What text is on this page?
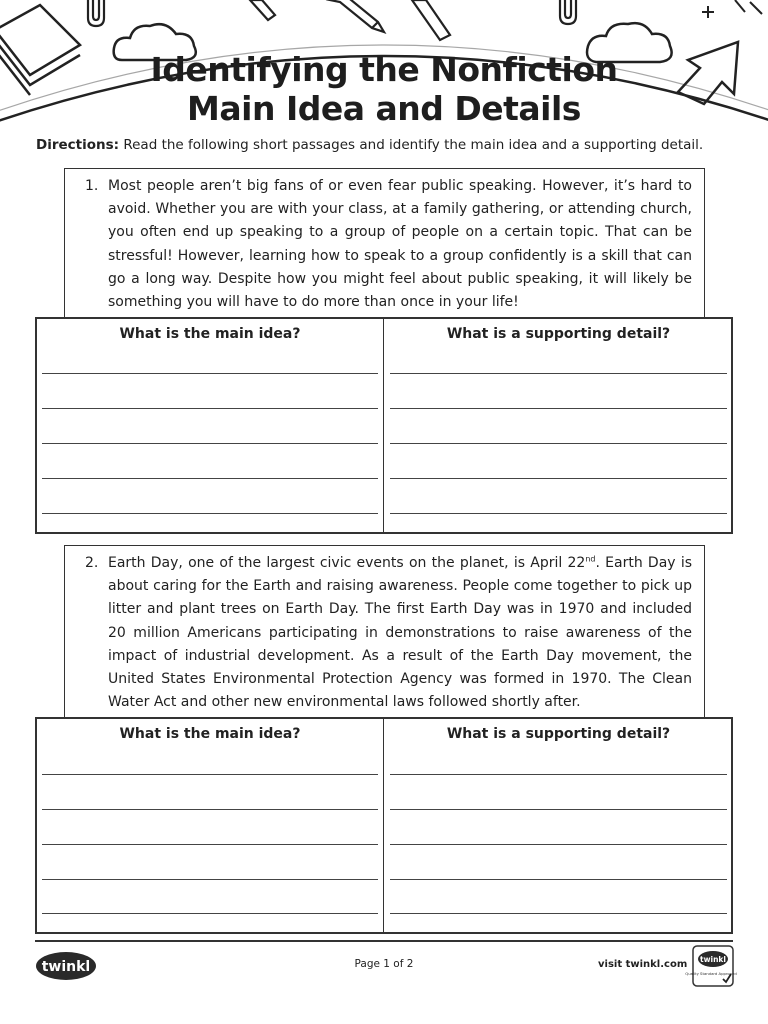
Identifying the Nonfiction
Main Idea and Details
Directions: Read the following short passages and identify the main idea and a supporting detail.
1. Most people aren’t big fans of or even fear public speaking. However, it’s hard to avoid. Whether you are with your class, at a family gathering, or attending church, you often end up speaking to a group of people on a certain topic. That can be stressful! However, learning how to speak to a group confidently is a skill that can go a long way. Despite how you might feel about public speaking, it will likely be something you will have to do more than once in your life!
What is the main idea?	What is a supporting detail?
2. Earth Day, one of the largest civic events on the planet, is April 22nd. Earth Day is about caring for the Earth and raising awareness. People come together to pick up litter and plant trees on Earth Day. The first Earth Day was in 1970 and included 20 million Americans participating in demonstrations to raise awareness of the impact of industrial development. As a result of the Earth Day movement, the United States Environmental Protection Agency was formed in 1970. The Clean Water Act and other new environmental laws followed shortly after.
What is the main idea?	What is a supporting detail?
twinkl	Page 1 of 2	visit twinkl.com twinkl
Quality Standard Approved
